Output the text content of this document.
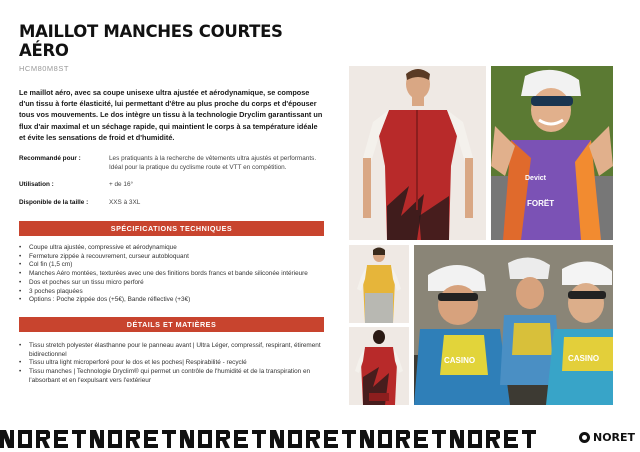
MAILLOT MANCHES COURTES
AÉRO
HCM80M8ST

Le maillot aéro, avec sa coupe unisexe ultra ajustée et aérodynamique, se compose d'un tissu à forte élasticité, lui permettant d'être au plus proche du corps et d'épouser tous vos mouvements. Le dos intègre un tissu à la technologie Dryclim garantissant un flux d'air maximal et un séchage rapide, qui maintient le corps à sa température idéale et évite les sensations de froid et d'humidité.

Recommandé pour :	Les pratiquants à la recherche de vêtements ultra ajustés et performants. Idéal pour la pratique du cyclisme route et VTT en compétition.
Utilisation :	+ de 16°
Disponible de la taille :	XXS à 3XL
SPÉCIFICATIONS TECHNIQUES
• Coupe ultra ajustée, compressive et aérodynamique
• Fermeture zippée à recouvrement, curseur autobloquant
• Col fin (1,5 cm)
• Manches Aéro montées, texturées avec une des finitions bords francs et bande siliconée intérieure
• Dos et poches sur un tissu micro perforé
• 3 poches plaquées
• Options : Poche zippée dos (+5€), Bande réflective (+3€)
DÉTAILS ET MATIÈRES
• Tissu stretch polyester élasthanne pour le panneau avant | Ultra Léger, compressif, respirant, étirement bidirectionnel
• Tissu ultra light microperforé pour le dos et les poches| Respirabilité - recyclé
• Tissu manches | Technologie Dryclim® qui permet un contrôle de l'humidité et de la transpiration en l'absorbant et en l'expulsant vers l'extérieur
Devict
FORËT
CASINO	CASINO
NORET
